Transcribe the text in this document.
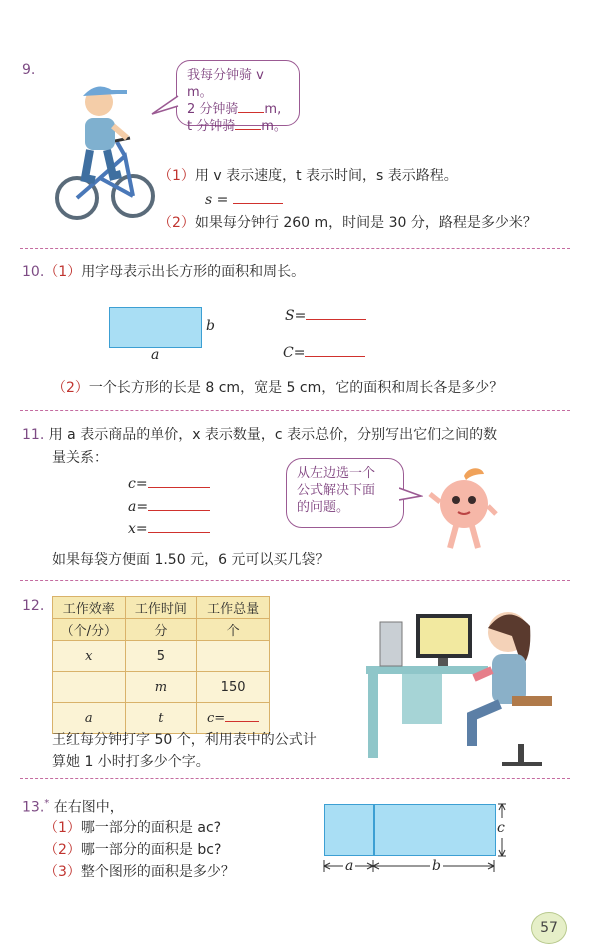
9.	我每分钟骑 v m。
2 分钟骑 m,
t 分钟骑 m。
（1）用 v 表示速度，t 表示时间，s 表示路程。
s =
（2）如果每分钟行 260 m，时间是 30 分，路程是多少米？
10.（1）用字母表示出长方形的面积和周长。
b
a
S=
C=
（2）一个长方形的长是 8 cm，宽是 5 cm，它的面积和周长各是多少？
11. 用 a 表示商品的单价，x 表示数量，c 表示总价，分别写出它们之间的数
量关系：
c=
a=
x=
从左边选一个
公式解决下面
的问题。
如果每袋方便面 1.50 元，6 元可以买几袋？
12. 工作效率	工作时间	工作总量
（个/分）	分	个
x	5	
	m	150
a	t	c=
王红每分钟打字 50 个，利用表中的公式计
算她 1 小时打多少个字。
13.* 在右图中，
（1）哪一部分的面积是 ac?
（2）哪一部分的面积是 bc?
（3）整个图形的面积是多少？
c
a	b
57
